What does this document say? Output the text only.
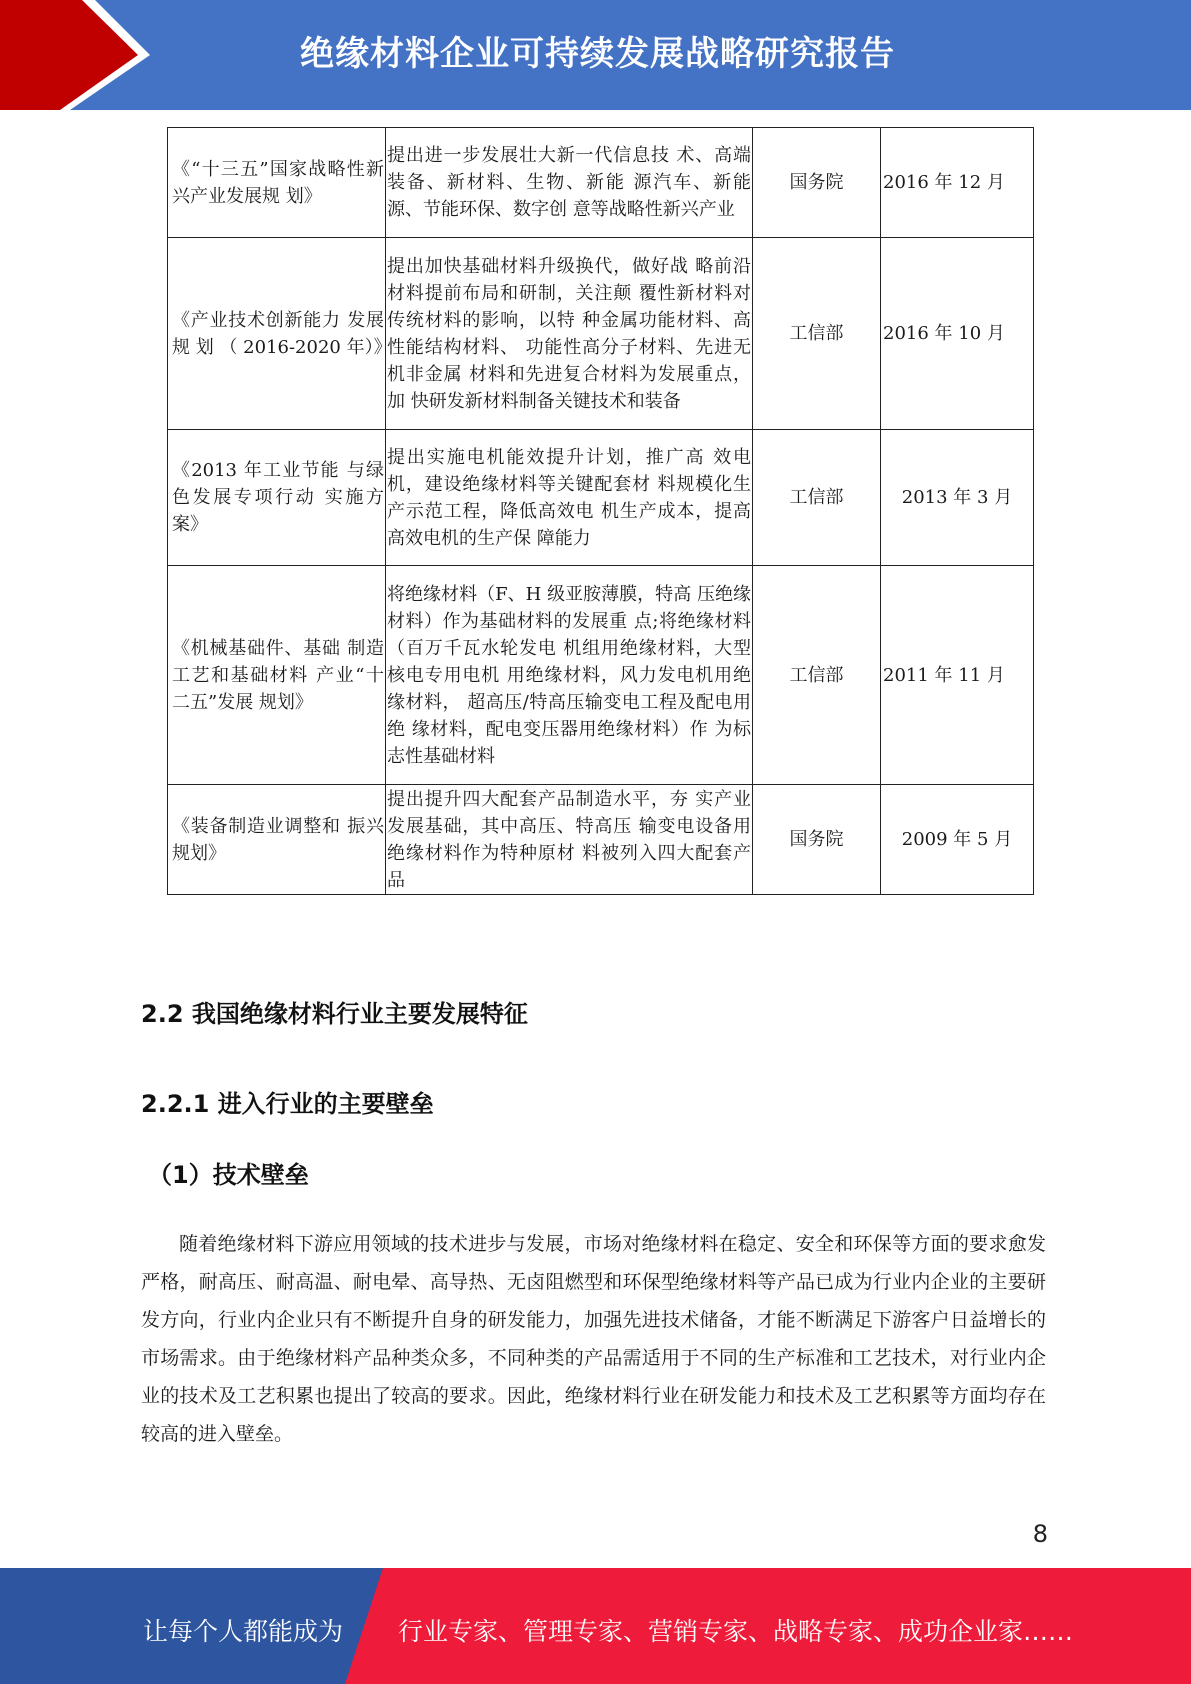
绝缘材料企业可持续发展战略研究报告
《“十三五”国家战略性新兴产业发展规 划》	提出进一步发展壮大新一代信息技 术、高端装备、新材料、生物、新能 源汽车、新能源、节能环保、数字创 意等战略性新兴产业	国务院	2016 年 12 月
《产业技术创新能力 发展 规 划 （ 2016-2020 年）》	提出加快基础材料升级换代，做好战 略前沿材料提前布局和研制，关注颠 覆性新材料对传统材料的影响，以特 种金属功能材料、高性能结构材料、 功能性高分子材料、先进无机非金属 材料和先进复合材料为发展重点，加 快研发新材料制备关键技术和装备	工信部	2016 年 10 月
《2013 年工业节能 与绿色发展专项行动 实施方案》	提出实施电机能效提升计划，推广高 效电机，建设绝缘材料等关键配套材 料规模化生产示范工程，降低高效电 机生产成本，提高高效电机的生产保 障能力	工信部	2013 年 3 月
《机械基础件、基础 制造工艺和基础材料 产业“十二五”发展 规划》	将绝缘材料（F、H 级亚胺薄膜，特高 压绝缘材料）作为基础材料的发展重 点;将绝缘材料（百万千瓦水轮发电 机组用绝缘材料，大型核电专用电机 用绝缘材料，风力发电机用绝缘材料， 超高压/特高压输变电工程及配电用绝 缘材料，配电变压器用绝缘材料）作 为标志性基础材料	工信部	2011 年 11 月
《装备制造业调整和 振兴规划》	提出提升四大配套产品制造水平，夯 实产业发展基础，其中高压、特高压 输变电设备用绝缘材料作为特种原材 料被列入四大配套产品	国务院	2009 年 5 月
2.2 我国绝缘材料行业主要发展特征
2.2.1 进入行业的主要壁垒
（1）技术壁垒

随着绝缘材料下游应用领域的技术进步与发展，市场对绝缘材料在稳定、安全和环保等方面的要求愈发严格，耐高压、耐高温、耐电晕、高导热、无卤阻燃型和环保型绝缘材料等产品已成为行业内企业的主要研发方向，行业内企业只有不断提升自身的研发能力，加强先进技术储备，才能不断满足下游客户日益增长的市场需求。由于绝缘材料产品种类众多，不同种类的产品需适用于不同的生产标准和工艺技术，对行业内企业的技术及工艺积累也提出了较高的要求。因此，绝缘材料行业在研发能力和技术及工艺积累等方面均存在较高的进入壁垒。

8
让每个人都能成为 行业专家、管理专家、营销专家、战略专家、成功企业家……
